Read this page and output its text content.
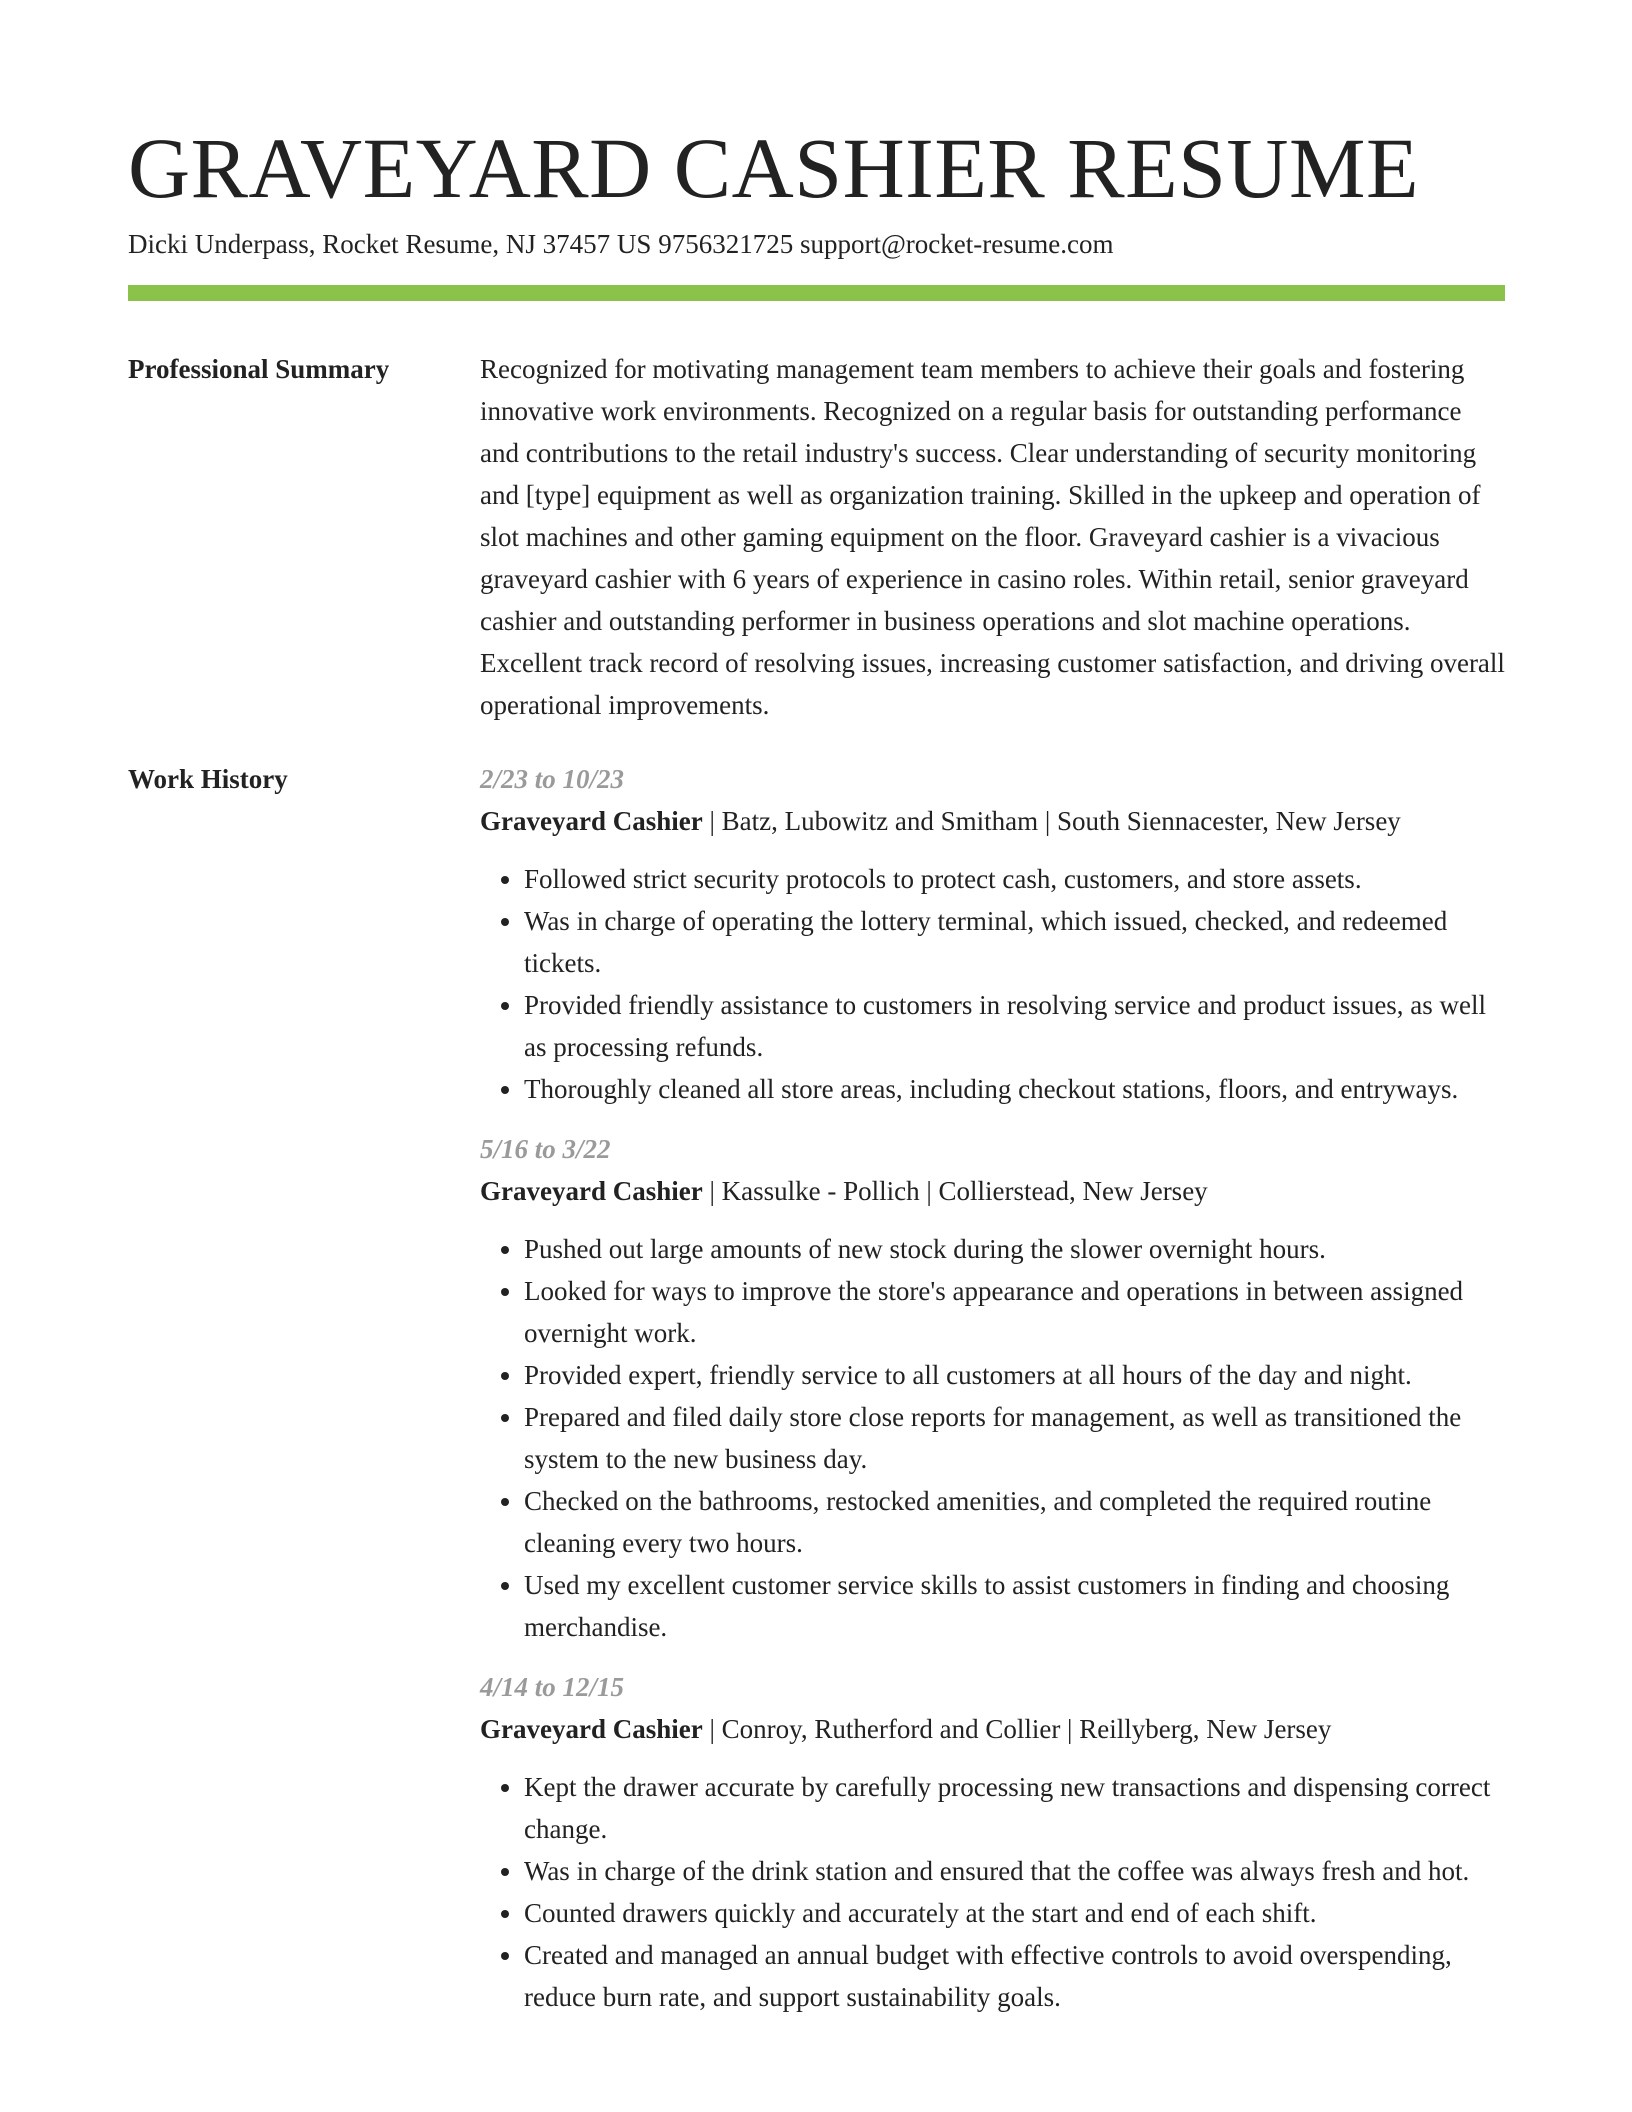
GRAVEYARD CASHIER RESUME
Dicki Underpass, Rocket Resume, NJ 37457 US 9756321725 support@rocket-resume.com
Professional Summary	Recognized for motivating management team members to achieve their goals and fostering innovative work environments. Recognized on a regular basis for outstanding performance and contributions to the retail industry's success. Clear understanding of security monitoring and [type] equipment as well as organization training. Skilled in the upkeep and operation of slot machines and other gaming equipment on the floor. Graveyard cashier is a vivacious graveyard cashier with 6 years of experience in casino roles. Within retail, senior graveyard cashier and outstanding performer in business operations and slot machine operations. Excellent track record of resolving issues, increasing customer satisfaction, and driving overall operational improvements.

Work History	2/23 to 10/23
Graveyard Cashier | Batz, Lubowitz and Smitham | South Siennacester, New Jersey
• Followed strict security protocols to protect cash, customers, and store assets.
• Was in charge of operating the lottery terminal, which issued, checked, and redeemed tickets.
• Provided friendly assistance to customers in resolving service and product issues, as well as processing refunds.
• Thoroughly cleaned all store areas, including checkout stations, floors, and entryways.
5/16 to 3/22
Graveyard Cashier | Kassulke - Pollich | Collierstead, New Jersey
• Pushed out large amounts of new stock during the slower overnight hours.
• Looked for ways to improve the store's appearance and operations in between assigned overnight work.
• Provided expert, friendly service to all customers at all hours of the day and night.
• Prepared and filed daily store close reports for management, as well as transitioned the system to the new business day.
• Checked on the bathrooms, restocked amenities, and completed the required routine cleaning every two hours.
• Used my excellent customer service skills to assist customers in finding and choosing merchandise.
4/14 to 12/15
Graveyard Cashier | Conroy, Rutherford and Collier | Reillyberg, New Jersey
• Kept the drawer accurate by carefully processing new transactions and dispensing correct change.
• Was in charge of the drink station and ensured that the coffee was always fresh and hot.
• Counted drawers quickly and accurately at the start and end of each shift.
• Created and managed an annual budget with effective controls to avoid overspending, reduce burn rate, and support sustainability goals.
